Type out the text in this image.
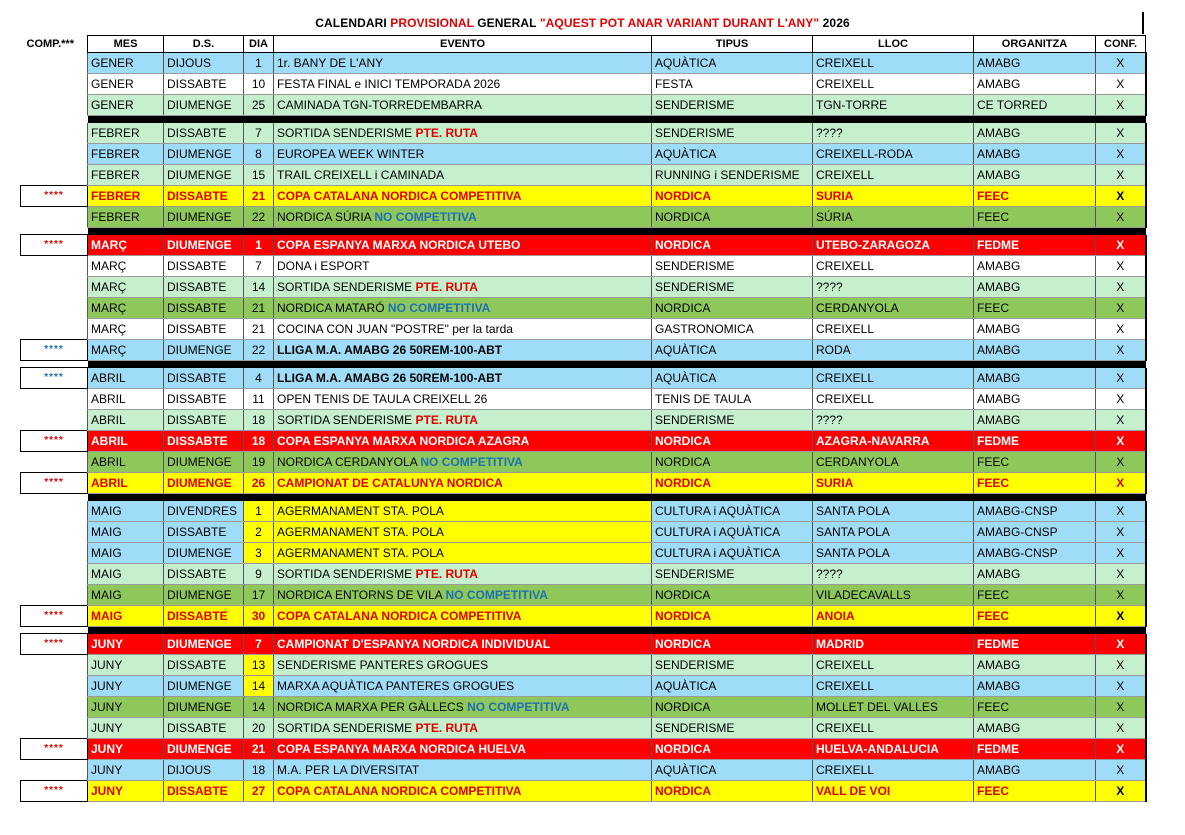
CALENDARI PROVISIONAL GENERAL "AQUEST POT ANAR VARIANT DURANT L'ANY" 2026
COMP.***	MES	D.S.	DIA	EVENTO	TIPUS	LLOC	ORGANITZA	CONF.
	GENER	DIJOUS	1	1r. BANY DE L'ANY	AQUÀTICA	CREIXELL	AMABG	X
	GENER	DISSABTE	10	FESTA FINAL e INICI TEMPORADA 2026	FESTA	CREIXELL	AMABG	X
	GENER	DIUMENGE	25	CAMINADA TGN-TORREDEMBARRA	SENDERISME	TGN-TORRE	CE TORRED	X

	FEBRER	DISSABTE	7	SORTIDA SENDERISME PTE. RUTA	SENDERISME	????	AMABG	X
	FEBRER	DIUMENGE	8	EUROPEA WEEK WINTER	AQUÀTICA	CREIXELL-RODA	AMABG	X
	FEBRER	DIUMENGE	15	TRAIL CREIXELL i CAMINADA	RUNNING i SENDERISME	CREIXELL	AMABG	X
****	FEBRER	DISSABTE	21	COPA CATALANA NORDICA COMPETITIVA	NORDICA	SURIA	FEEC	X
	FEBRER	DIUMENGE	22	NORDICA SÚRIA NO COMPETITIVA	NORDICA	SÚRIA	FEEC	X

****	MARÇ	DIUMENGE	1	COPA ESPANYA MARXA NORDICA UTEBO	NORDICA	UTEBO-ZARAGOZA	FEDME	X
	MARÇ	DISSABTE	7	DONA i ESPORT	SENDERISME	CREIXELL	AMABG	X
	MARÇ	DISSABTE	14	SORTIDA SENDERISME PTE. RUTA	SENDERISME	????	AMABG	X
	MARÇ	DISSABTE	21	NORDICA MATARÓ NO COMPETITIVA	NORDICA	CERDANYOLA	FEEC	X
	MARÇ	DISSABTE	21	COCINA CON JUAN "POSTRE" per la tarda	GASTRONOMICA	CREIXELL	AMABG	X
****	MARÇ	DIUMENGE	22	LLIGA M.A. AMABG 26 50REM-100-ABT	AQUÀTICA	RODA	AMABG	X

****	ABRIL	DISSABTE	4	LLIGA M.A. AMABG 26 50REM-100-ABT	AQUÀTICA	CREIXELL	AMABG	X
	ABRIL	DISSABTE	11	OPEN TENIS DE TAULA CREIXELL 26	TENIS DE TAULA	CREIXELL	AMABG	X
	ABRIL	DISSABTE	18	SORTIDA SENDERISME PTE. RUTA	SENDERISME	????	AMABG	X
****	ABRIL	DISSABTE	18	COPA ESPANYA MARXA NORDICA AZAGRA	NORDICA	AZAGRA-NAVARRA	FEDME	X
	ABRIL	DIUMENGE	19	NORDICA CERDANYOLA NO COMPETITIVA	NORDICA	CERDANYOLA	FEEC	X
****	ABRIL	DIUMENGE	26	CAMPIONAT DE CATALUNYA NORDICA	NORDICA	SURIA	FEEC	X

	MAIG	DIVENDRES	1	AGERMANAMENT STA. POLA	CULTURA i AQUÀTICA	SANTA POLA	AMABG-CNSP	X
	MAIG	DISSABTE	2	AGERMANAMENT STA. POLA	CULTURA i AQUÀTICA	SANTA POLA	AMABG-CNSP	X
	MAIG	DIUMENGE	3	AGERMANAMENT STA. POLA	CULTURA i AQUÀTICA	SANTA POLA	AMABG-CNSP	X
	MAIG	DISSABTE	9	SORTIDA SENDERISME PTE. RUTA	SENDERISME	????	AMABG	X
	MAIG	DIUMENGE	17	NORDICA ENTORNS DE VILA NO COMPETITIVA	NORDICA	VILADECAVALLS	FEEC	X
****	MAIG	DISSABTE	30	COPA CATALANA NORDICA COMPETITIVA	NORDICA	ANOIA	FEEC	X

****	JUNY	DIUMENGE	7	CAMPIONAT D'ESPANYA NORDICA INDIVIDUAL	NORDICA	MADRID	FEDME	X
	JUNY	DISSABTE	13	SENDERISME PANTERES GROGUES	SENDERISME	CREIXELL	AMABG	X
	JUNY	DIUMENGE	14	MARXA AQUÀTICA PANTERES GROGUES	AQUÀTICA	CREIXELL	AMABG	X
	JUNY	DIUMENGE	14	NORDICA MARXA PER GÀLLECS NO COMPETITIVA	NORDICA	MOLLET DEL VALLES	FEEC	X
	JUNY	DISSABTE	20	SORTIDA SENDERISME PTE. RUTA	SENDERISME	CREIXELL	AMABG	X
****	JUNY	DIUMENGE	21	COPA ESPANYA MARXA NORDICA HUELVA	NORDICA	HUELVA-ANDALUCIA	FEDME	X
	JUNY	DIJOUS	18	M.A. PER LA DIVERSITAT	AQUÀTICA	CREIXELL	AMABG	X
****	JUNY	DISSABTE	27	COPA CATALANA NORDICA COMPETITIVA	NORDICA	VALL DE VOI	FEEC	X
